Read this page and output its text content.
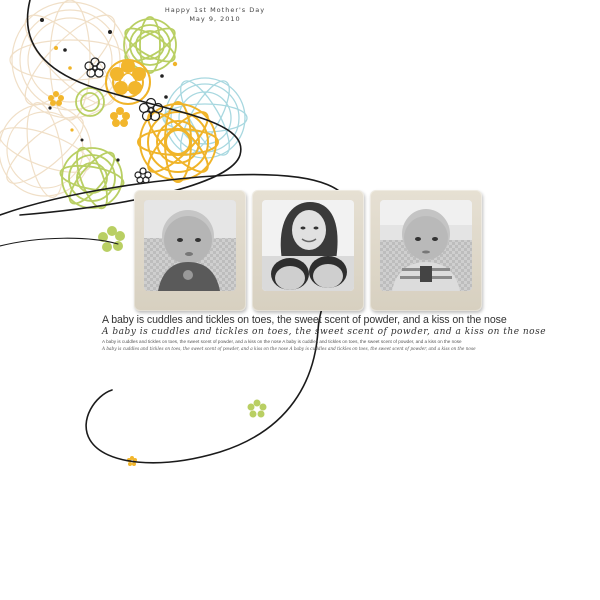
Happy 1st Mother's Day
May 9, 2010
A baby is cuddles and tickles on toes, the sweet scent of powder, and a kiss on the nose
A baby is cuddles and tickles on toes, the sweet scent of powder, and a kiss on the nose
A baby is cuddles and tickles on toes, the sweet scent of powder, and a kiss on the nose A baby is cuddles and tickles on toes, the sweet scent of powder, and a kiss on the nose
A baby is cuddles and tickles on toes, the sweet scent of powder, and a kiss on the nose A baby is cuddles and tickles on toes, the sweet scent of powder, and a kiss on the nose
